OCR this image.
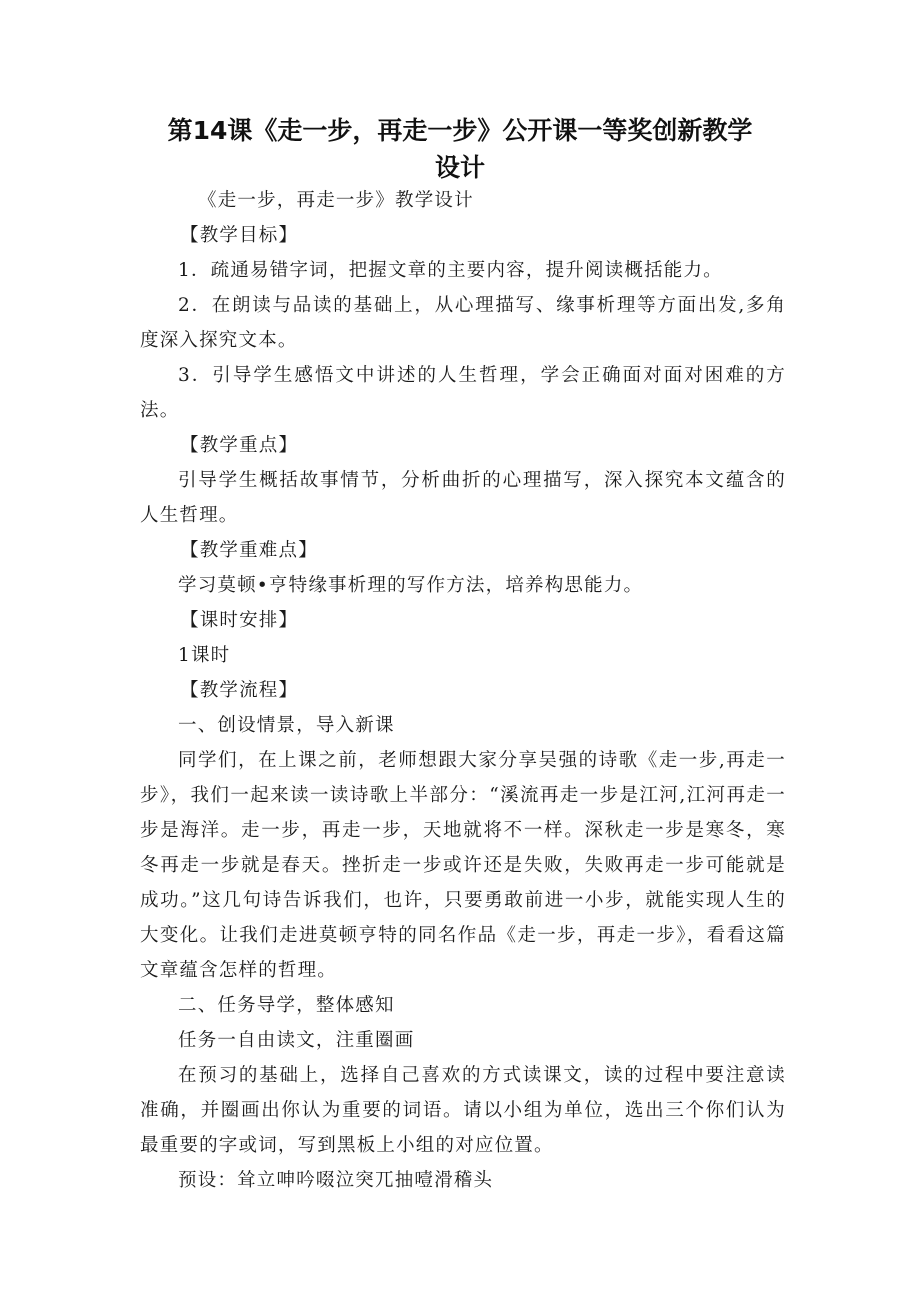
第14课《走一步，再走一步》公开课一等奖创新教学
设计

《走一步，再走一步》教学设计

【教学目标】

1．疏通易错字词，把握文章的主要内容，提升阅读概括能力。

2．在朗读与品读的基础上，从心理描写、缘事析理等方面出发,多角度深入探究文本。

3．引导学生感悟文中讲述的人生哲理，学会正确面对面对困难的方法。

【教学重点】

引导学生概括故事情节，分析曲折的心理描写，深入探究本文蕴含的人生哲理。

【教学重难点】

学习莫顿•亨特缘事析理的写作方法，培养构思能力。

【课时安排】

1课时

【教学流程】

一、创设情景，导入新课

同学们，在上课之前，老师想跟大家分享吴强的诗歌《走一步,再走一步》，我们一起来读一读诗歌上半部分：“溪流再走一步是江河,江河再走一步是海洋。走一步，再走一步，天地就将不一样。深秋走一步是寒冬，寒冬再走一步就是春天。挫折走一步或许还是失败，失败再走一步可能就是成功。”这几句诗告诉我们，也许，只要勇敢前进一小步，就能实现人生的大变化。让我们走进莫顿亨特的同名作品《走一步，再走一步》，看看这篇文章蕴含怎样的哲理。

二、任务导学，整体感知

任务一自由读文，注重圈画

在预习的基础上，选择自己喜欢的方式读课文，读的过程中要注意读准确，并圈画出你认为重要的词语。请以小组为单位，选出三个你们认为最重要的字或词，写到黑板上小组的对应位置。

预设：耸立呻吟啜泣突兀抽噎滑稽头
